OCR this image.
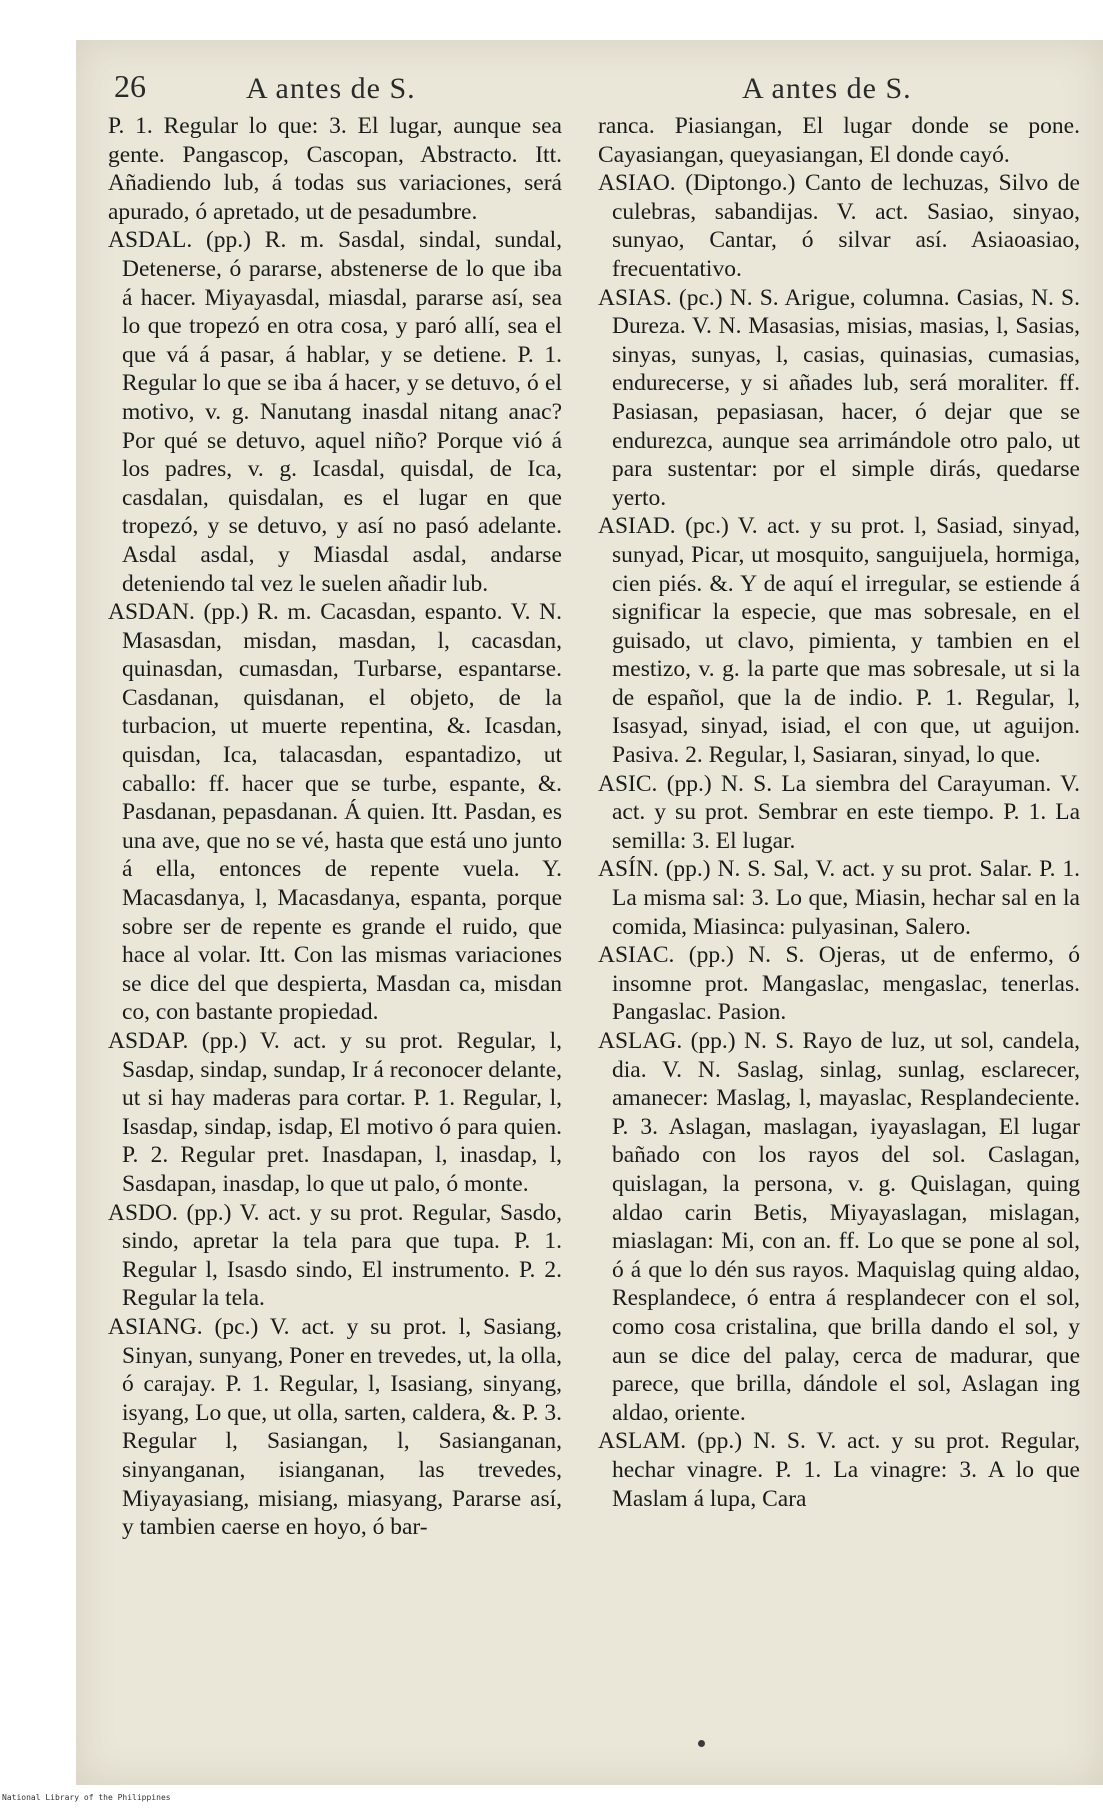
26	A antes de S.	A antes de S.

P. 1. Regular lo que: 3. El lugar, aunque sea gente. Pangascop, Cascopan, Abstracto. Itt. Añadiendo lub, á todas sus variaciones, será apurado, ó apretado, ut de pesadumbre.

ASDAL. (pp.) R. m. Sasdal, sindal, sundal, Detenerse, ó pararse, abstenerse de lo que iba á hacer. Miyayasdal, miasdal, pararse así, sea lo que tropezó en otra cosa, y paró allí, sea el que vá á pasar, á hablar, y se detiene. P. 1. Regular lo que se iba á hacer, y se detuvo, ó el motivo, v. g. Nanutang inasdal nitang anac? Por qué se detuvo, aquel niño? Porque vió á los padres, v. g. Icasdal, quisdal, de Ica, casdalan, quisdalan, es el lugar en que tropezó, y se detuvo, y así no pasó adelante. Asdal asdal, y Miasdal asdal, andarse deteniendo tal vez le suelen añadir lub.

ASDAN. (pp.) R. m. Cacasdan, espanto. V. N. Masasdan, misdan, masdan, l, cacasdan, quinasdan, cumasdan, Turbarse, espantarse. Casdanan, quisdanan, el objeto, de la turbacion, ut muerte repentina, &. Icasdan, quisdan, Ica, talacasdan, espantadizo, ut caballo: ff. hacer que se turbe, espante, &. Pasdanan, pepasdanan. Á quien. Itt. Pasdan, es una ave, que no se vé, hasta que está uno junto á ella, entonces de repente vuela. Y. Macasdanya, l, Macasdanya, espanta, porque sobre ser de repente es grande el ruido, que hace al volar. Itt. Con las mismas variaciones se dice del que despierta, Masdan ca, misdan co, con bastante propiedad.

ASDAP. (pp.) V. act. y su prot. Regular, l, Sasdap, sindap, sundap, Ir á reconocer delante, ut si hay maderas para cortar. P. 1. Regular, l, Isasdap, sindap, isdap, El motivo ó para quien. P. 2. Regular pret. Inasdapan, l, inasdap, l, Sasdapan, inasdap, lo que ut palo, ó monte.

ASDO. (pp.) V. act. y su prot. Regular, Sasdo, sindo, apretar la tela para que tupa. P. 1. Regular l, Isasdo sindo, El instrumento. P. 2. Regular la tela.

ASIANG. (pc.) V. act. y su prot. l, Sasiang, Sinyan, sunyang, Poner en trevedes, ut, la olla, ó carajay. P. 1. Regular, l, Isasiang, sinyang, isyang, Lo que, ut olla, sarten, caldera, &. P. 3. Regular l, Sasiangan, l, Sasianganan, sinyanganan, isianganan, las trevedes, Miyayasiang, misiang, miasyang, Pararse así, y tambien caerse en hoyo, ó bar-

ranca. Piasiangan, El lugar donde se pone. Cayasiangan, queyasiangan, El donde cayó.

ASIAO. (Diptongo.) Canto de lechuzas, Silvo de culebras, sabandijas. V. act. Sasiao, sinyao, sunyao, Cantar, ó silvar así. Asiaoasiao, frecuentativo.

ASIAS. (pc.) N. S. Arigue, columna. Casias, N. S. Dureza. V. N. Masasias, misias, masias, l, Sasias, sinyas, sunyas, l, casias, quinasias, cumasias, endurecerse, y si añades lub, será moraliter. ff. Pasiasan, pepasiasan, hacer, ó dejar que se endurezca, aunque sea arrimándole otro palo, ut para sustentar: por el simple dirás, quedarse yerto.

ASIAD. (pc.) V. act. y su prot. l, Sasiad, sinyad, sunyad, Picar, ut mosquito, sanguijuela, hormiga, cien piés. &. Y de aquí el irregular, se estiende á significar la especie, que mas sobresale, en el guisado, ut clavo, pimienta, y tambien en el mestizo, v. g. la parte que mas sobresale, ut si la de español, que la de indio. P. 1. Regular, l, Isasyad, sinyad, isiad, el con que, ut aguijon. Pasiva. 2. Regular, l, Sasiaran, sinyad, lo que.

ASIC. (pp.) N. S. La siembra del Carayuman. V. act. y su prot. Sembrar en este tiempo. P. 1. La semilla: 3. El lugar.

ASÍN. (pp.) N. S. Sal, V. act. y su prot. Salar. P. 1. La misma sal: 3. Lo que, Miasin, hechar sal en la comida, Miasinca: pulyasinan, Salero.

ASIAC. (pp.) N. S. Ojeras, ut de enfermo, ó insomne prot. Mangaslac, mengaslac, tenerlas. Pangaslac. Pasion.

ASLAG. (pp.) N. S. Rayo de luz, ut sol, candela, dia. V. N. Saslag, sinlag, sunlag, esclarecer, amanecer: Maslag, l, mayaslac, Resplandeciente. P. 3. Aslagan, maslagan, iyayaslagan, El lugar bañado con los rayos del sol. Caslagan, quislagan, la persona, v. g. Quislagan, quing aldao carin Betis, Miyayaslagan, mislagan, miaslagan: Mi, con an. ff. Lo que se pone al sol, ó á que lo dén sus rayos. Maquislag quing aldao, Resplandece, ó entra á resplandecer con el sol, como cosa cristalina, que brilla dando el sol, y aun se dice del palay, cerca de madurar, que parece, que brilla, dándole el sol, Aslagan ing aldao, oriente.

ASLAM. (pp.) N. S. V. act. y su prot. Regular, hechar vinagre. P. 1. La vinagre: 3. A lo que Maslam á lupa, Cara

National Library of the Philippines
